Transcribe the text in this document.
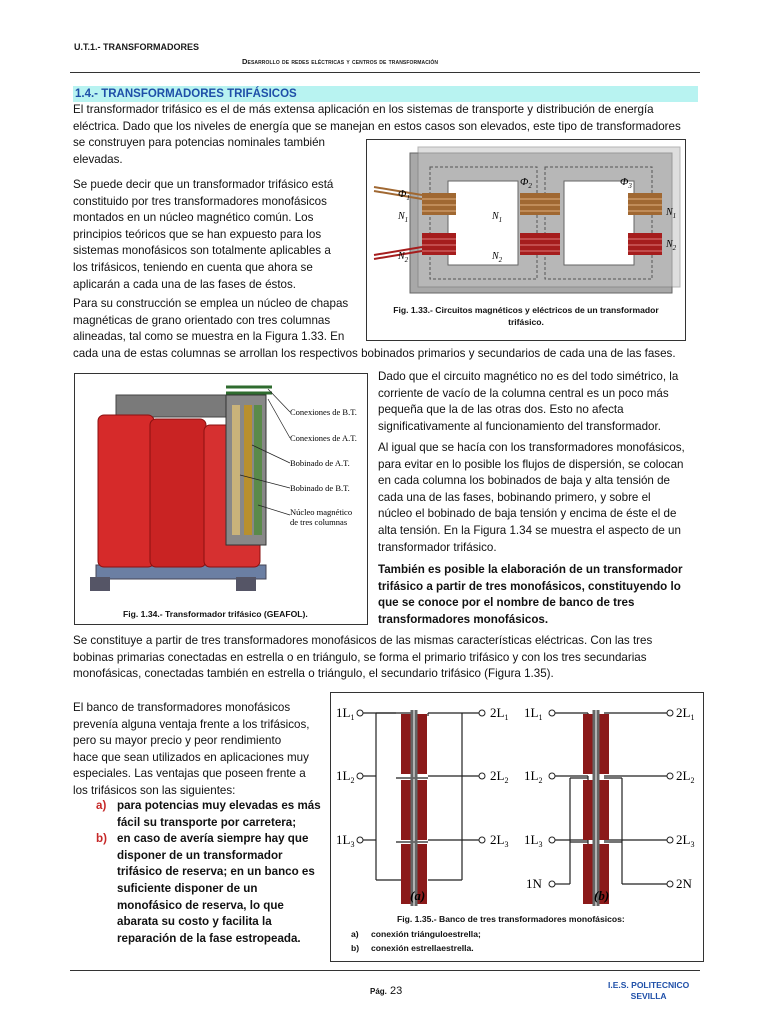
U.T.1.- TRANSFORMADORES
Desarrollo de redes eléctricas y centros de transformación
1.4.- TRANSFORMADORES TRIFÁSICOS

El transformador trifásico es el de más extensa aplicación en los sistemas de transporte y distribución de energía

eléctrica. Dado que los niveles de energía que se manejan en estos casos son elevados, este tipo de transformadores

se construyen para potencias nominales también

elevadas.

Se puede decir que un transformador trifásico está

constituido por tres transformadores monofásicos

montados en un núcleo magnético común. Los

principios teóricos que se han expuesto para los

sistemas monofásicos son totalmente aplicables a

los trifásicos, teniendo en cuenta que ahora se

aplicarán a cada una de las fases de éstos.

Para su construcción se emplea un núcleo de chapas

magnéticas de grano orientado con tres columnas

alineadas, tal como se muestra en la Figura 1.33. En

cada una de estas columnas se arrollan los respectivos bobinados primarios y secundarios de cada una de las fases.

$\Phi_1$
$\Phi_2$	$\Phi_3$
$N_1$
$N_2$
$N_1$
$N_2$
$N_1$
$N_2$
Fig. 1.33.- Circuitos magnéticos y eléctricos de un transformador
trifásico.
Conexiones de B.T.
Conexiones de A.T.
Bobinado de A.T.
Bobinado de B.T.
Núcleo magnético
de tres columnas
Fig. 1.34.- Transformador trifásico (GEAFOL).

Dado que el circuito magnético no es del todo simétrico, la

corriente de vacío de la columna central es un poco más

pequeña que la de las otras dos. Esto no afecta

significativamente al funcionamiento del transformador.

Al igual que se hacía con los transformadores monofásicos,

para evitar en lo posible los flujos de dispersión, se colocan

en cada columna los bobinados de baja y alta tensión de

cada una de las fases, bobinando primero, y sobre el

núcleo el bobinado de baja tensión y encima de éste el de

alta tensión. En la Figura 1.34 se muestra el aspecto de un

transformador trifásico.

También es posible la elaboración de un transformador

trifásico a partir de tres monofásicos, constituyendo lo

que se conoce por el nombre de banco de tres

transformadores monofásicos.

Se constituye a partir de tres transformadores monofásicos de las mismas características eléctricas. Con las tres

bobinas primarias conectadas en estrella o en triángulo, se forma el primario trifásico y con los tres secundarias

monofásicas, conectadas también en estrella o triángulo, el secundario trifásico (Figura 1.35).

El banco de transformadores monofásicos

prevenía alguna ventaja frente a los trifásicos,

pero su mayor precio y peor rendimiento

hace que sean utilizados en aplicaciones muy

especiales. Las ventajas que poseen frente a

los trifásicos son las siguientes:

a) para potencias muy elevadas es más

fácil su transporte por carretera;

b) en caso de avería siempre hay que

disponer de un transformador

trifásico de reserva; en un banco es

suficiente disponer de un

monofásico de reserva, lo que

abarata su costo y facilita la

reparación de la fase estropeada.

$1L_1$
$1L_2$
$1L_3$
$2L_1$
$2L_2$
$2L_3$
(a)
$1L_1$
$1L_2$
$1L_3$
1N
$2L_1$
$2L_2$
$2L_3$
2N
(b)
Fig. 1.35.- Banco de tres transformadores monofásicos:
a) conexión triánguloestrella;
b) conexión estrellaestrella.
Pág. 23	I.E.S. POLITECNICO
SEVILLA
